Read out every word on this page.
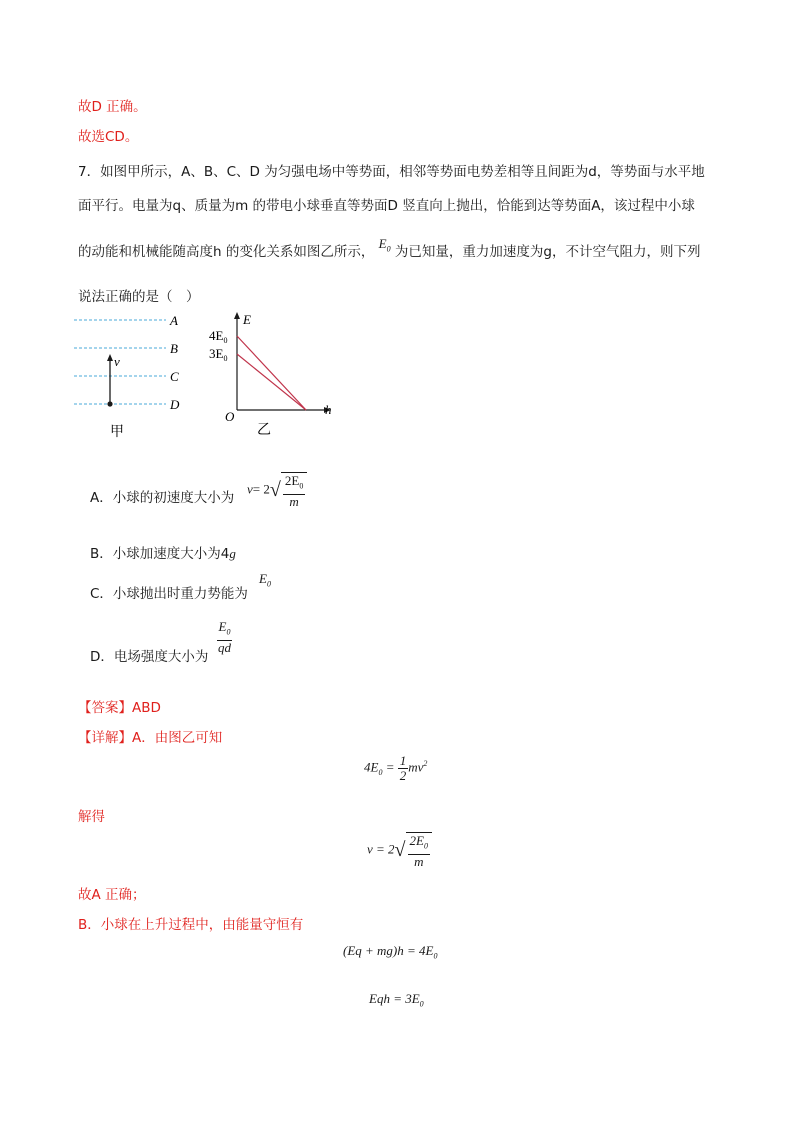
故D 正确。
故选CD。
7．如图甲所示，A、B、C、D 为匀强电场中等势面，相邻等势面电势差相等且间距为d，等势面与水平地
面平行。电量为q、质量为m 的带电小球垂直等势面D 竖直向上抛出，恰能到达等势面A，该过程中小球
的动能和机械能随高度h 的变化关系如图乙所示， $E_0$ 为已知量，重力加速度为g，不计空气阻力，则下列
说法正确的是（　）
A
B
C
D
v
甲
E
h
O
$4E_0$
$3E_0$
乙
A．小球的初速度大小为
v= 2 √ $\frac{2E_0}{m}$
B．小球加速度大小为4g
C．小球抛出时重力势能为
$E_0$
D．电场强度大小为
$\frac{E_0}{qd}$
【答案】ABD
【详解】A．由图乙可知
$4E_0 = \frac{1}{2} mv^2$
解得
v = 2 √ $\frac{2E_0}{m}$
故A 正确；
B．小球在上升过程中，由能量守恒有
$(Eq + mg)h = 4E_0$
Eqh = $3E_0$
